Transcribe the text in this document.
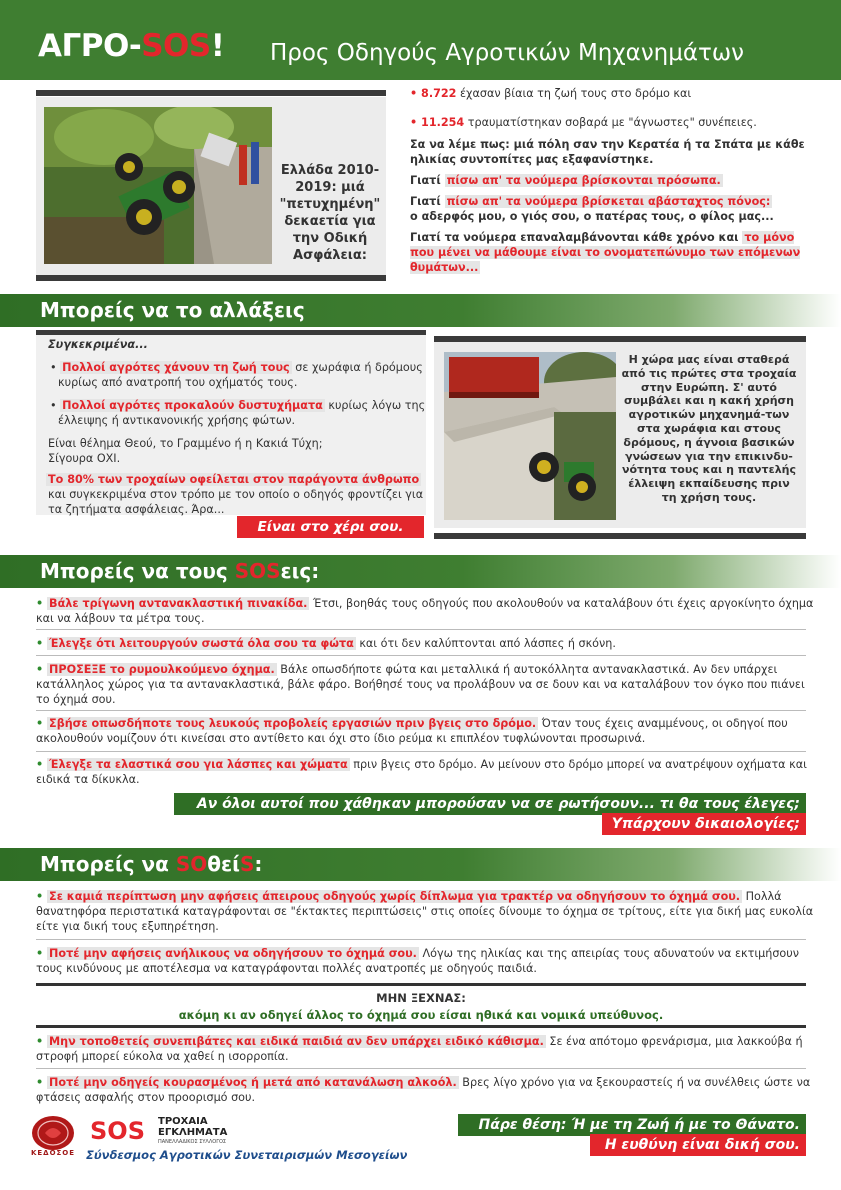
ΑΓΡΟ-SOS! Προς Οδηγούς Αγροτικών Μηχανημάτων
Ελλάδα 2010-2019: μιά "πετυχημένη" δεκαετία για την Οδική Ασφάλεια:

• 8.722 έχασαν βίαια τη ζωή τους στο δρόμο και

• 11.254 τραυματίστηκαν σοβαρά με "άγνωστες" συνέπειες.

Σα να λέμε πως: μιά πόλη σαν την Κερατέα ή τα Σπάτα με κάθε ηλικίας συντοπίτες μας εξαφανίστηκε.

Γιατί πίσω απ' τα νούμερα βρίσκονται πρόσωπα.

Γιατί πίσω απ' τα νούμερα βρίσκεται αβάσταχτος πόνος:
ο αδερφός μου, ο γιός σου, ο πατέρας τους, ο φίλος μας...

Γιατί τα νούμερα επαναλαμβάνονται κάθε χρόνο και το μόνο που μένει να μάθουμε είναι το ονοματεπώνυμο των επόμενων θυμάτων...

Μπορείς να το αλλάξεις
Συγκεκριμένα...
• Πολλοί αγρότες χάνουν τη ζωή τους σε χωράφια ή δρόμους κυρίως από ανατροπή του οχήματός τους.
• Πολλοί αγρότες προκαλούν δυστυχήματα κυρίως λόγω της έλλειψης ή αντικανονικής χρήσης φώτων.
Είναι θέλημα Θεού, το Γραμμένο ή η Κακιά Τύχη;
Σίγουρα ΟΧΙ.
Το 80% των τροχαίων οφείλεται στον παράγοντα άνθρωπο
και συγκεκριμένα στον τρόπο με τον οποίο ο οδηγός φροντίζει για τα ζητήματα ασφάλειας. Άρα...
Είναι στο χέρι σου.
Η χώρα μας είναι σταθερά από τις πρώτες στα τροχαία στην Ευρώπη. Σ' αυτό συμβάλει και η κακή χρήση αγροτικών μηχανημά-των στα χωράφια και στους δρόμους, η άγνοια βασικών γνώσεων για την επικινδυ-νότητα τους και η παντελής έλλειψη εκπαίδευσης πριν τη χρήση τους.
Μπορείς να τους SOSεις:
• Βάλε τρίγωνη αντανακλαστική πινακίδα. Έτσι, βοηθάς τους οδηγούς που ακολουθούν να καταλάβουν ότι έχεις αργοκίνητο όχημα και να λάβουν τα μέτρα τους.
• Έλεγξε ότι λειτουργούν σωστά όλα σου τα φώτα και ότι δεν καλύπτονται από λάσπες ή σκόνη.
• ΠΡΟΣΕΞΕ το ρυμουλκούμενο όχημα. Βάλε οπωσδήποτε φώτα και μεταλλικά ή αυτοκόλλητα αντανακλαστικά. Αν δεν υπάρχει κατάλληλος χώρος για τα αντανακλαστικά, βάλε φάρο. Βοήθησέ τους να προλάβουν να σε δουν και να καταλάβουν τον όγκο που πιάνει το όχημά σου.
• Σβήσε οπωσδήποτε τους λευκούς προβολείς εργασιών πριν βγεις στο δρόμο. Όταν τους έχεις αναμμένους, οι οδηγοί που ακολουθούν νομίζουν ότι κινείσαι στο αντίθετο και όχι στο ίδιο ρεύμα κι επιπλέον τυφλώνονται προσωρινά.
• Έλεγξε τα ελαστικά σου για λάσπες και χώματα πριν βγεις στο δρόμο. Αν μείνουν στο δρόμο μπορεί να ανατρέψουν οχήματα και ειδικά τα δίκυκλα.
Αν όλοι αυτοί που χάθηκαν μπορούσαν να σε ρωτήσουν... τι θα τους έλεγες;
Υπάρχουν δικαιολογίες;
Μπορείς να SOθείS:
• Σε καμιά περίπτωση μην αφήσεις άπειρους οδηγούς χωρίς δίπλωμα για τρακτέρ να οδηγήσουν το όχημά σου. Πολλά θανατηφόρα περιστατικά καταγράφονται σε "έκτακτες περιπτώσεις" στις οποίες δίνουμε το όχημα σε τρίτους, είτε για δική μας ευκολία είτε για δική τους εξυπηρέτηση.
• Ποτέ μην αφήσεις ανήλικους να οδηγήσουν το όχημά σου. Λόγω της ηλικίας και της απειρίας τους αδυνατούν να εκτιμήσουν τους κινδύνους με αποτέλεσμα να καταγράφονται πολλές ανατροπές με οδηγούς παιδιά.
ΜΗΝ ΞΕΧΝΑΣ:
ακόμη κι αν οδηγεί άλλος το όχημά σου είσαι ηθικά και νομικά υπεύθυνος.
• Μην τοποθετείς συνεπιβάτες και ειδικά παιδιά αν δεν υπάρχει ειδικό κάθισμα. Σε ένα απότομο φρενάρισμα, μια λακκούβα ή στροφή μπορεί εύκολα να χαθεί η ισορροπία.
• Ποτέ μην οδηγείς κουρασμένος ή μετά από κατανάλωση αλκοόλ. Βρες λίγο χρόνο για να ξεκουραστείς ή να συνέλθεις ώστε να φτάσεις ασφαλής στον προορισμό σου.
Πάρε θέση: Ή με τη Ζωή ή με το Θάνατο.
Η ευθύνη είναι δική σου.
ΚΕΔΟΣΟΕ
SOS ΤΡΟΧΑΙΑ
ΕΓΚΛΗΜΑΤΑ
ΠΑΝΕΛΛΑΔΙΚΟΣ ΣΥΛΛΟΓΟΣ
Σύνδεσμος Αγροτικών Συνεταιρισμών Μεσογείων
